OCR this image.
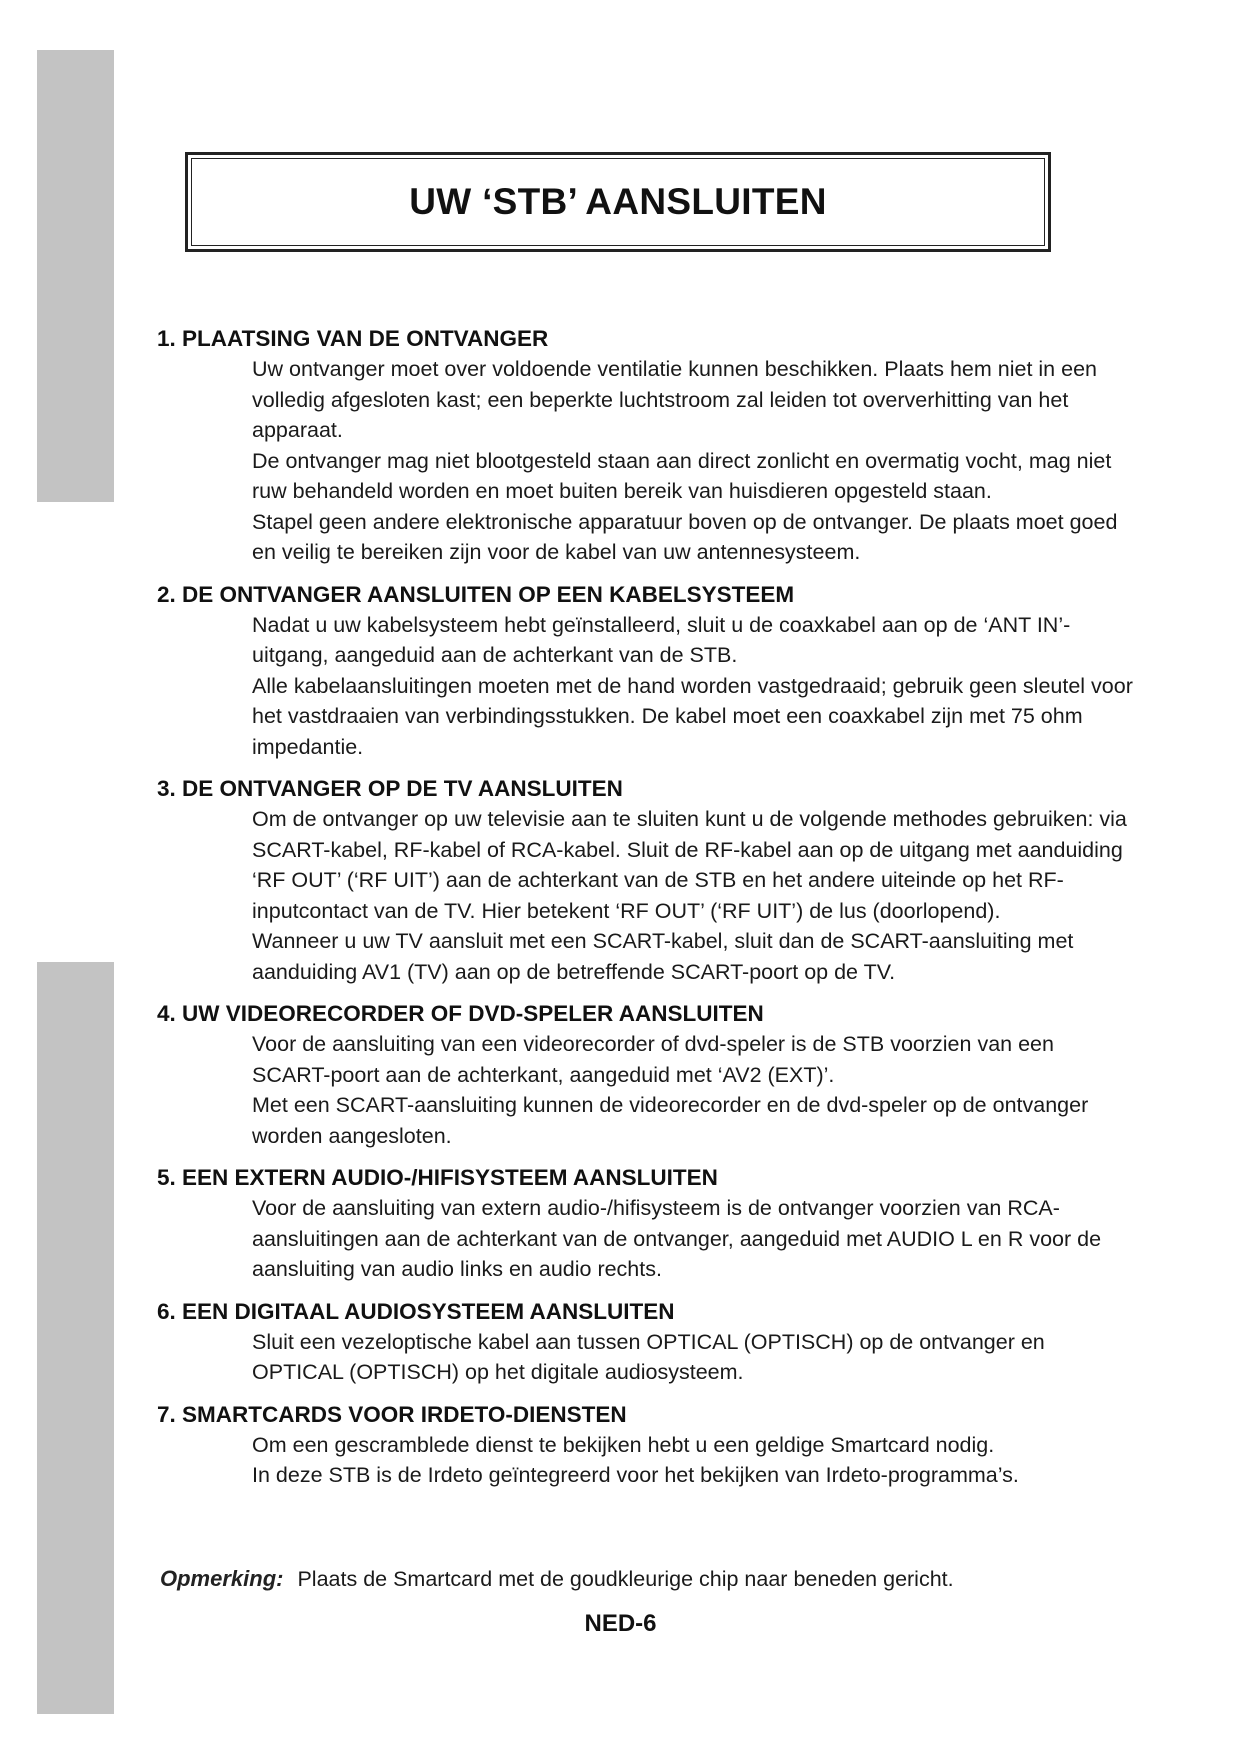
UW ‘STB’ AANSLUITEN
1. PLAATSING VAN DE ONTVANGER
Uw ontvanger moet over voldoende ventilatie kunnen beschikken. Plaats hem niet in een volledig afgesloten kast; een beperkte luchtstroom zal leiden tot oververhitting van het apparaat.
De ontvanger mag niet blootgesteld staan aan direct zonlicht en overmatig vocht, mag niet ruw behandeld worden en moet buiten bereik van huisdieren opgesteld staan.
Stapel geen andere elektronische apparatuur boven op de ontvanger. De plaats moet goed en veilig te bereiken zijn voor de kabel van uw antennesysteem.
2. DE ONTVANGER AANSLUITEN OP EEN KABELSYSTEEM
Nadat u uw kabelsysteem hebt geïnstalleerd, sluit u de coaxkabel aan op de ‘ANT IN’-uitgang, aangeduid aan de achterkant van de STB.
Alle kabelaansluitingen moeten met de hand worden vastgedraaid; gebruik geen sleutel voor het vastdraaien van verbindingsstukken. De kabel moet een coaxkabel zijn met 75 ohm impedantie.
3. DE ONTVANGER OP DE TV AANSLUITEN
Om de ontvanger op uw televisie aan te sluiten kunt u de volgende methodes gebruiken: via SCART-kabel, RF-kabel of RCA-kabel. Sluit de RF-kabel aan op de uitgang met aanduiding ‘RF OUT’ (‘RF UIT’) aan de achterkant van de STB en het andere uiteinde op het RF-inputcontact van de TV. Hier betekent ‘RF OUT’ (‘RF UIT’) de lus (doorlopend).
Wanneer u uw TV aansluit met een SCART-kabel, sluit dan de SCART-aansluiting met aanduiding AV1 (TV) aan op de betreffende SCART-poort op de TV.
4. UW VIDEORECORDER OF DVD-SPELER AANSLUITEN
Voor de aansluiting van een videorecorder of dvd-speler is de STB voorzien van een SCART-poort aan de achterkant, aangeduid met ‘AV2 (EXT)’.
Met een SCART-aansluiting kunnen de videorecorder en de dvd-speler op de ontvanger worden aangesloten.
5. EEN EXTERN AUDIO-/HIFISYSTEEM AANSLUITEN
Voor de aansluiting van extern audio-/hifisysteem is de ontvanger voorzien van RCA-aansluitingen aan de achterkant van de ontvanger, aangeduid met AUDIO L en R voor de aansluiting van audio links en audio rechts.
6. EEN DIGITAAL AUDIOSYSTEEM AANSLUITEN
Sluit een vezeloptische kabel aan tussen OPTICAL (OPTISCH) op de ontvanger en OPTICAL (OPTISCH) op het digitale audiosysteem.
7. SMARTCARDS VOOR IRDETO-DIENSTEN
Om een gescramblede dienst te bekijken hebt u een geldige Smartcard nodig.
In deze STB is de Irdeto geïntegreerd voor het bekijken van Irdeto-programma’s.
Opmerking: Plaats de Smartcard met de goudkleurige chip naar beneden gericht.
NED-6
